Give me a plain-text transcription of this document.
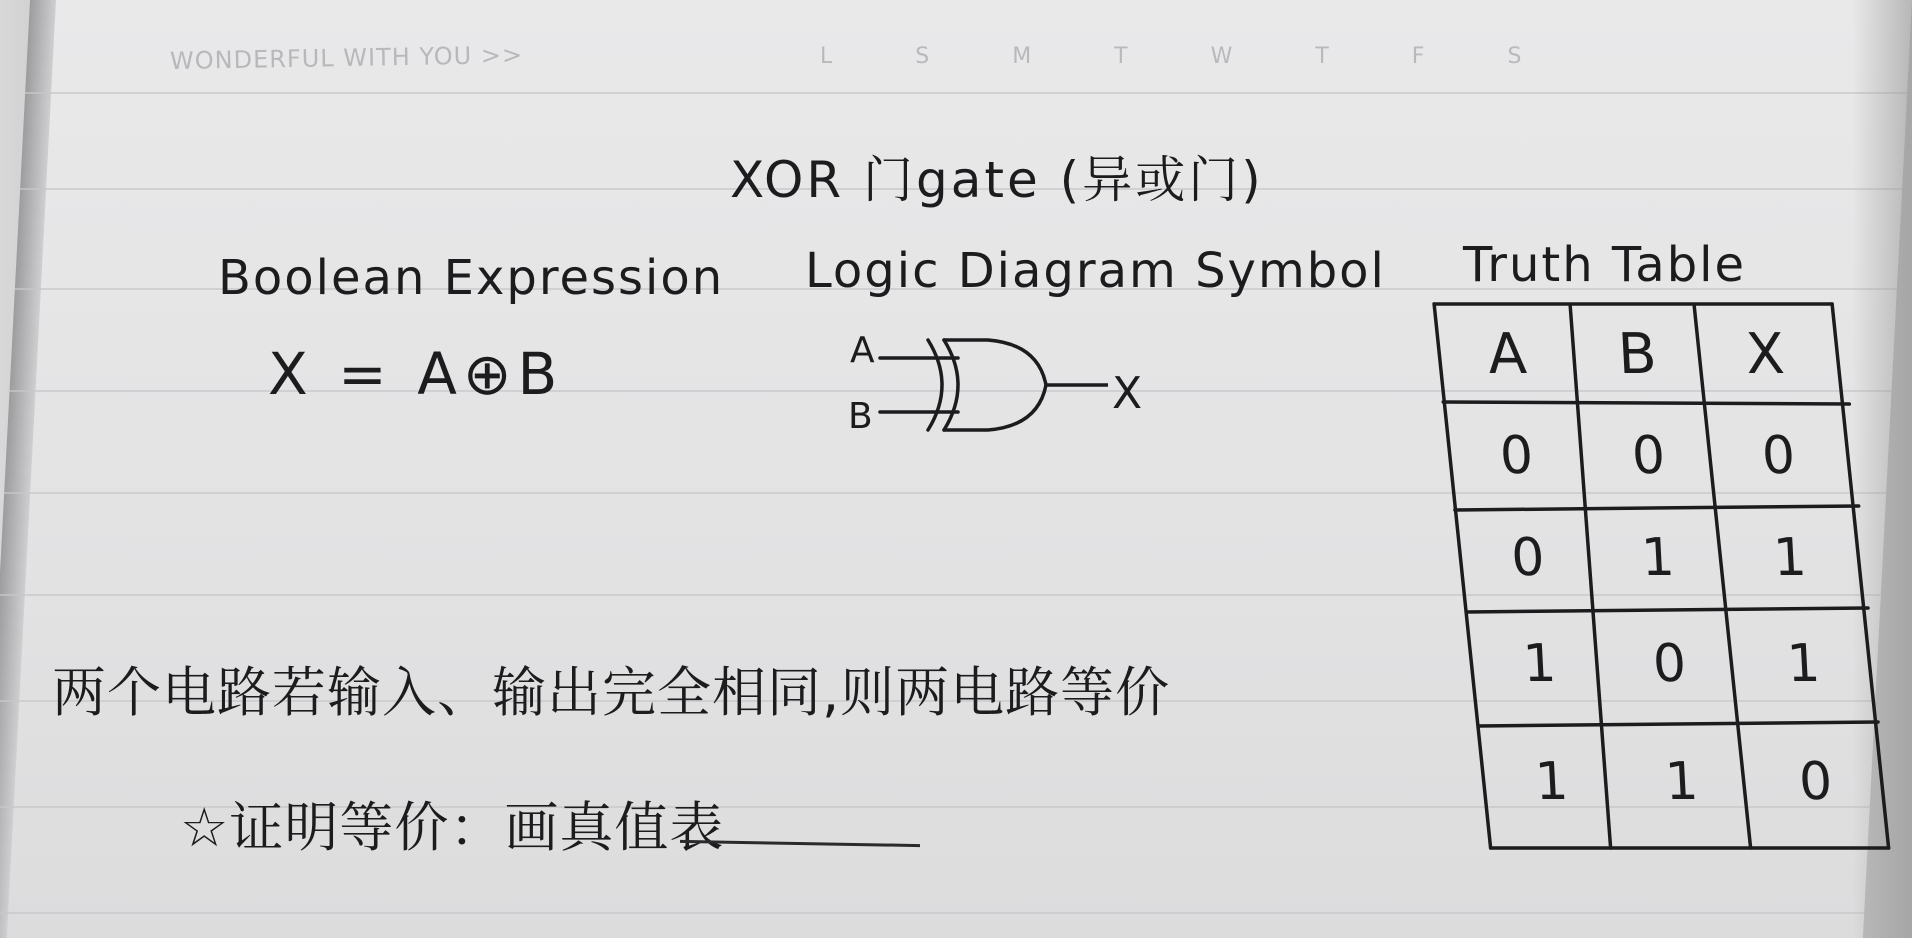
WONDERFUL WITH YOU >>	L S M T W T F S
XOR 门gate (异或门)
Boolean Expression Logic Diagram Symbol Truth Table
X = A⊕B	A
B	X
A	B	X
0	0	0
0	1	1
1	0	1
1	1	0
两个电路若输入、输出完全相同,则两电路等价
☆证明等价：画真值表
